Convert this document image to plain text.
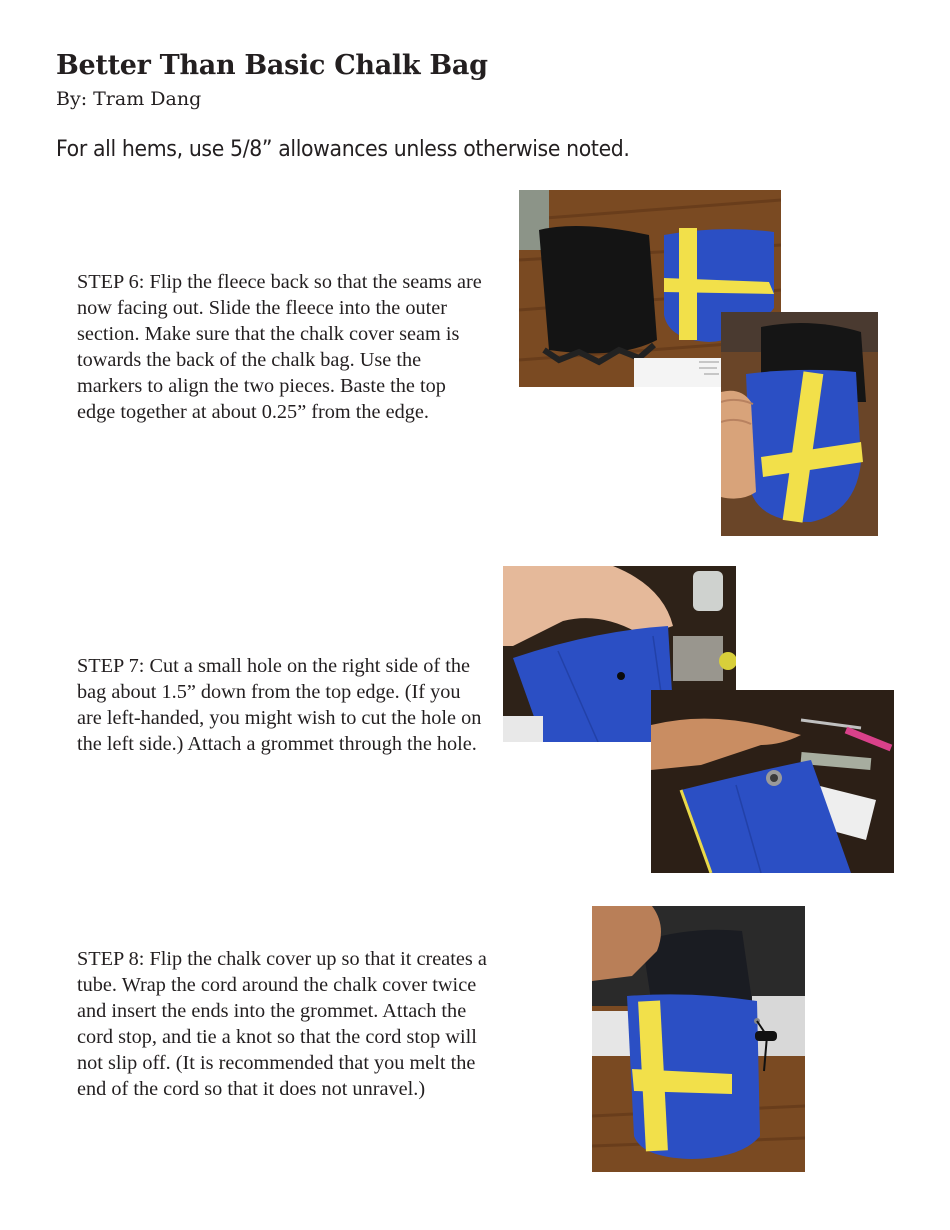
Better Than Basic Chalk Bag
By: Tram Dang
For all hems, use 5/8” allowances unless otherwise noted.
STEP 6: Flip the fleece back so that the seams are now facing out. Slide the fleece into the outer section. Make sure that the chalk cover seam is towards the back of the chalk bag. Use the markers to align the two pieces. Baste the top edge together at about 0.25” from the edge.
STEP 7: Cut a small hole on the right side of the bag about 1.5” down from the top edge. (If you are left-handed, you might wish to cut the hole on the left side.) Attach a grommet through the hole.
STEP 8: Flip the chalk cover up so that it creates a tube. Wrap the cord around the chalk cover twice and insert the ends into the grommet. Attach the cord stop, and tie a knot so that the cord stop will not slip off. (It is recommended that you melt the end of the cord so that it does not unravel.)
